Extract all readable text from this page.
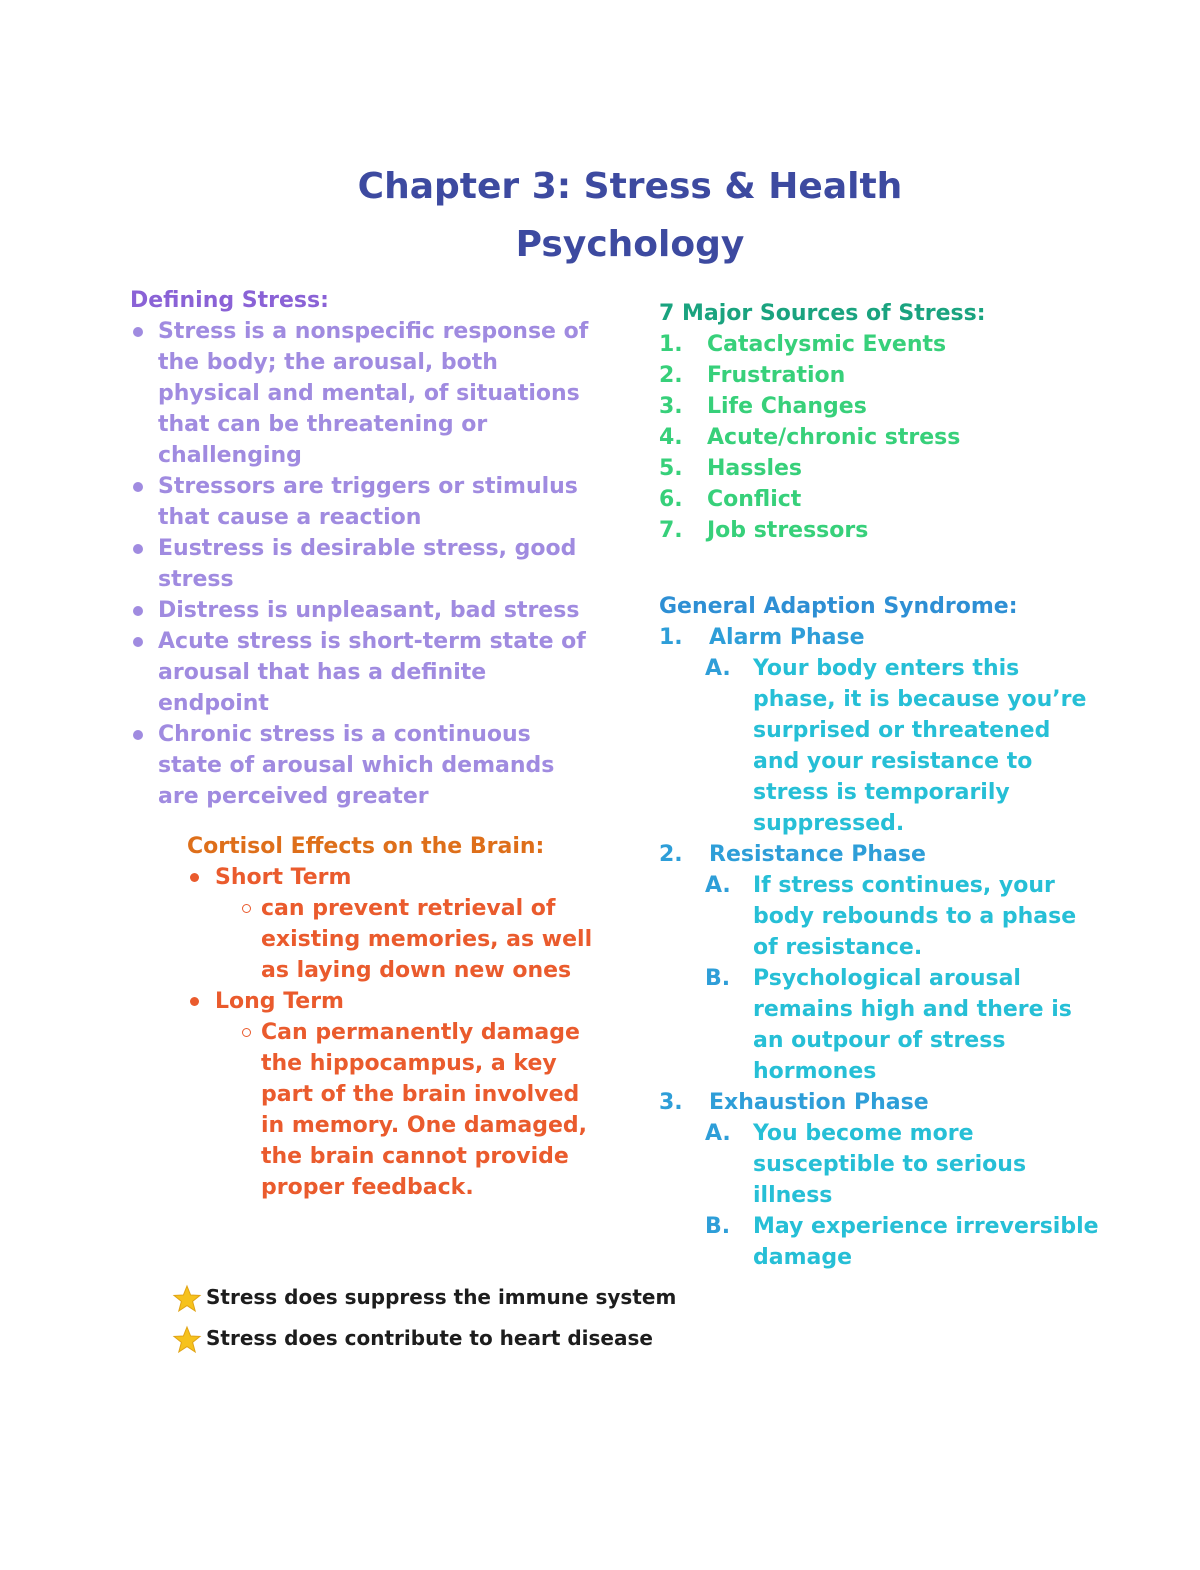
Chapter 3: Stress & Health
Psychology
Defining Stress:
Stress is a nonspecific response of the body; the arousal, both physical and mental, of situations that can be threatening or challenging
Stressors are triggers or stimulus that cause a reaction
Eustress is desirable stress, good stress
Distress is unpleasant, bad stress
Acute stress is short-term state of arousal that has a definite endpoint
Chronic stress is a continuous state of arousal which demands are perceived greater
Cortisol Effects on the Brain:
Short Term
can prevent retrieval of existing memories, as well as laying down new ones
Long Term
Can permanently damage the hippocampus, a key part of the brain involved in memory. One damaged, the brain cannot provide proper feedback.
7 Major Sources of Stress:
1. Cataclysmic Events
2. Frustration
3. Life Changes
4. Acute/chronic stress
5. Hassles
6. Conflict
7. Job stressors
General Adaption Syndrome:
1. Alarm Phase
A. Your body enters this phase, it is because you’re surprised or threatened and your resistance to stress is temporarily suppressed.
2. Resistance Phase
A. If stress continues, your body rebounds to a phase of resistance.
B. Psychological arousal remains high and there is an outpour of stress hormones
3. Exhaustion Phase
A. You become more susceptible to serious illness
B. May experience irreversible damage
Stress does suppress the immune system
Stress does contribute to heart disease
